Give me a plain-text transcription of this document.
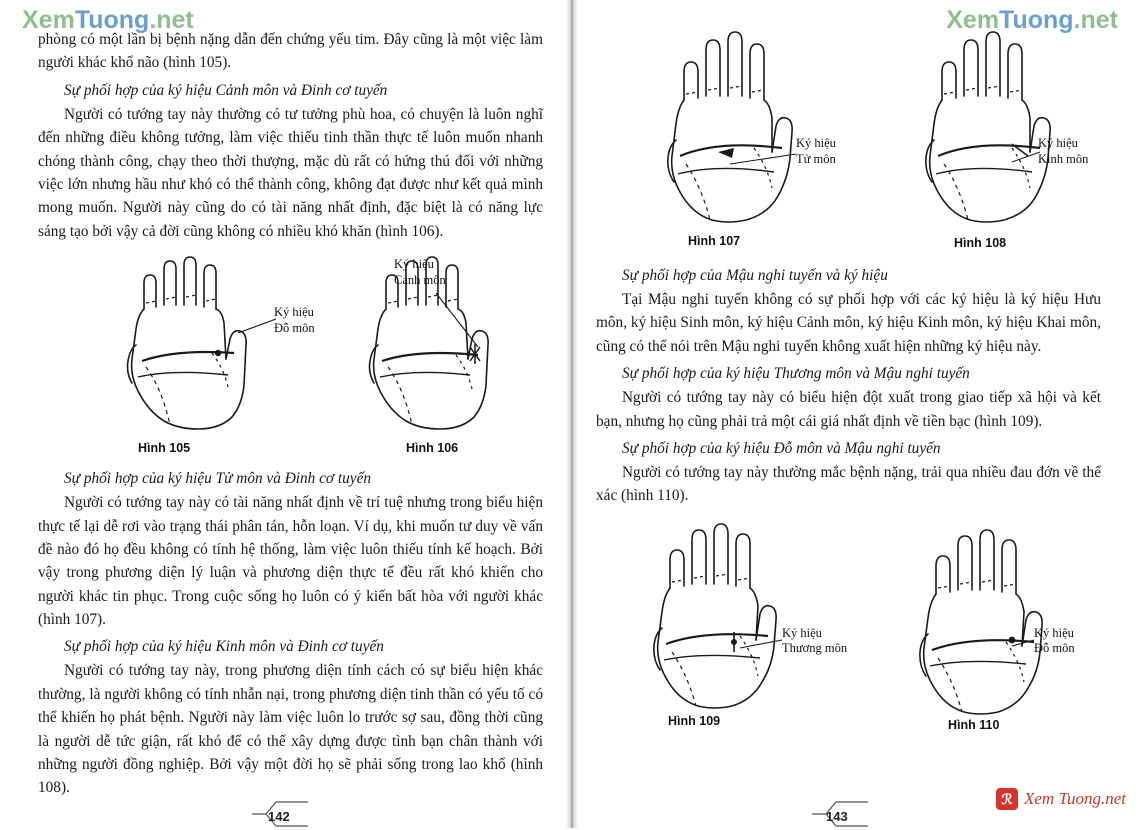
XemTuong.net	XemTuong.net

phòng có một lần bị bệnh nặng dẫn đến chứng yếu tim. Đây cũng là một việc làm người khác khổ não (hình 105).

Sự phối hợp của ký hiệu Cảnh môn và Đinh cơ tuyến

Người có tướng tay này thường có tư tưởng phù hoa, có chuyện là luôn nghĩ đến những điều không tưởng, làm việc thiếu tinh thần thực tế luôn muốn nhanh chóng thành công, chạy theo thời thượng, mặc dù rất có hứng thú đối với những việc lớn nhưng hầu như khó có thể thành công, không đạt được như kết quả mình mong muốn. Người này cũng do có tài năng nhất định, đặc biệt là có năng lực sáng tạo bởi vậy cả đời cũng không có nhiều khó khăn (hình 106).

Ký hiệu
Đỗ môn
Hình 105
Ký hiệu
Cảnh môn
Hình 106
Sự phối hợp của ký hiệu Tử môn và Đinh cơ tuyến

Người có tướng tay này có tài năng nhất định về trí tuệ nhưng trong biểu hiện thực tế lại dễ rơi vào trạng thái phân tán, hỗn loạn. Ví dụ, khi muốn tư duy về vấn đề nào đó họ đều không có tính hệ thống, làm việc luôn thiếu tính kế hoạch. Bởi vậy trong phương diện lý luận và phương diện thực tế đều rất khó khiến cho người khác tin phục. Trong cuộc sống họ luôn có ý kiến bất hòa với người khác (hình 107).

Sự phối hợp của ký hiệu Kinh môn và Đinh cơ tuyến

Người có tướng tay này, trong phương diện tính cách có sự biểu hiện khác thường, là người không có tính nhẫn nại, trong phương diện tinh thần có yếu tố có thể khiến họ phát bệnh. Người này làm việc luôn lo trước sợ sau, đồng thời cũng là người dễ tức giận, rất khó để có thể xây dựng được tình bạn chân thành với những người đồng nghiệp. Bởi vậy một đời họ sẽ phải sống trong lao khổ (hình 108).

Ký hiệu
Tử môn
Hình 107
Ký hiệu
Kinh môn
Hình 108
Sự phối hợp của Mậu nghi tuyến và ký hiệu

Tại Mậu nghi tuyến không có sự phối hợp với các ký hiệu là ký hiệu Hưu môn, ký hiệu Sinh môn, ký hiệu Cảnh môn, ký hiệu Kinh môn, ký hiệu Khai môn, cũng có thể nói trên Mậu nghi tuyến không xuất hiện những ký hiệu này.

Sự phối hợp của ký hiệu Thương môn và Mậu nghi tuyến

Người có tướng tay này có biểu hiện đột xuất trong giao tiếp xã hội và kết bạn, nhưng họ cũng phải trả một cái giá nhất định về tiền bạc (hình 109).

Sự phối hợp của ký hiệu Đỗ môn và Mậu nghi tuyến

Người có tướng tay này thường mắc bệnh nặng, trải qua nhiều đau đớn về thể xác (hình 110).

Ký hiệu
Thương môn
Hình 109
Ký hiệu
Đỗ môn
Hình 110
142	143
ℛ Xem Tuong.net
